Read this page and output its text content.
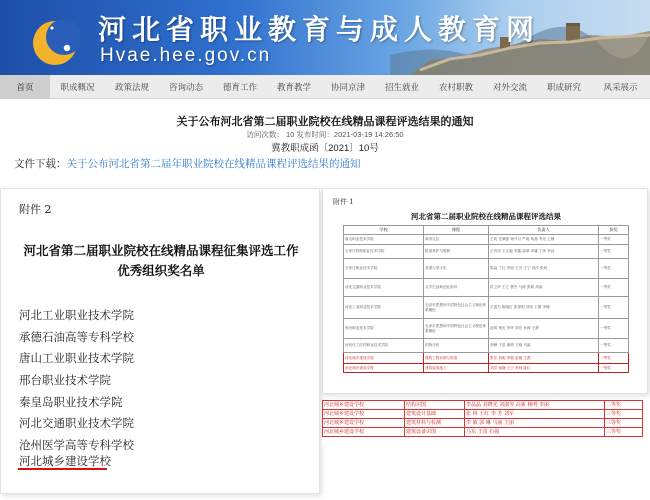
河北省职业教育与成人教育网
Hvae.hee.gov.cn
首页	职成概况	政策法规	咨询动态	德育工作	教育教学	协同京津	招生就业	农村职教	对外交流	职成研究	风采展示
关于公布河北省第二届职业院校在线精品课程评选结果的通知
访问次数： 10 发布时间：2021-03-19 14:26:50
冀教职成函〔2021〕10号
文件下载：关于公布河北省第二届年职业院校在线精品课程评选结果的通知
附件 2
河北省第二届职业院校在线精品课程征集评选工作
优秀组织奖名单
河北工业职业技术学院
承德石油高等专科学校
唐山工业职业技术学院
邢台职业技术学院
秦皇岛职业技术学院
河北交通职业技术学院
沧州医学高等专科学校
河北城乡建设学校
附件 1
河北省第二届职业院校在线精品课程评选结果
学校	课程	负责人	获奖
唐山职业技术学院	商务礼仪	王莉 任满强 杨兴月 严南 杨晶 李光 王楠	一等奖
石家庄铁路职业技术学院	桥梁养护与维修	王有伟 王文毅 李鑫 邵翠 甲庸 王帅 李蕊	一等奖
石家庄职业技术学院	茶道与茶文化	陈淼 丁红 李丽 王芳 王宁 刘洋 张妍	一等奖
河北交通职业技术学院	大学生创新创业指导	侯卫华 王立 曹杰 马涛 张颖 高丽	一等奖
河北工业职业技术学院	毛泽东思想和中国特色社会主义理论体系概论	王振杰 陈晓红 张建明 刘伟 王刚 李娜	一等奖
邢台职业技术学院	毛泽东思想和中国特色社会主义理论体系概论	赵明 杨光 李华 刘芳 孙涛 王静	一等奖
河北化工医药职业技术学院	药物分析	李峰 于浩 谢明 王晓 马丽	一等奖
河北城乡建设学校	建筑工程识图与构造	张宏 刘明 李强 赵敏 王燕	一等奖
河北城乡建设学校	建筑装饰施工	刘学 杨静 王宁 李林 陈红	一等奖
河北城乡建设学校	结构识图	李晶晶 刘晓光 刘淑琴 高新 杨明 李丽	二等奖
河北城乡建设学校	建筑设计基础	张 林 王红 李 芳 刘军	三等奖
河北城乡建设学校	建筑材料与检测	李 敏 郭 琳 马丽 王丽	三等奖
河北城乡建设学校	建筑设备识图	马东 王雷 石强	三等奖
